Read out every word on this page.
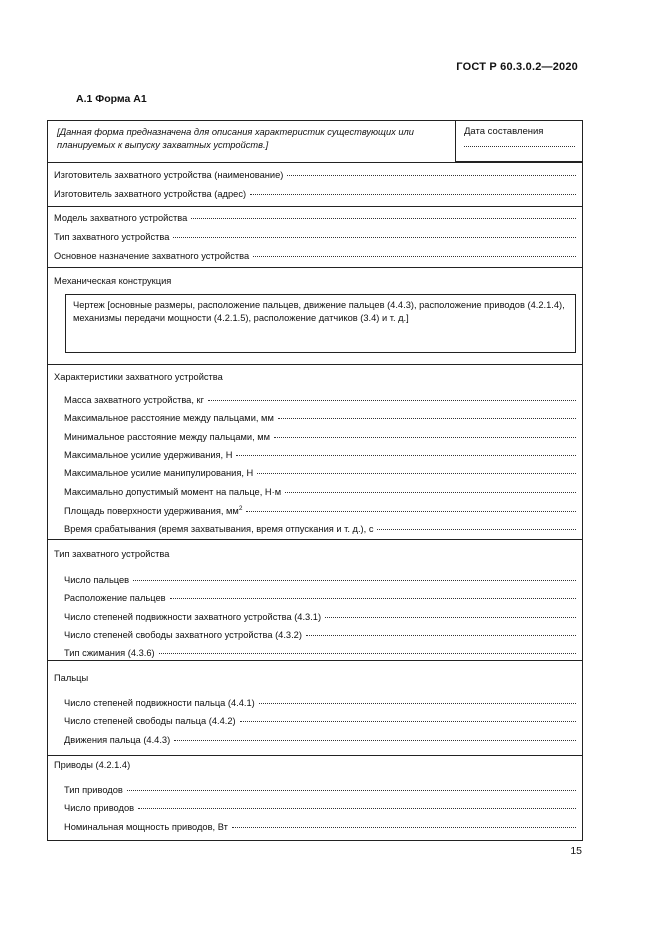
ГОСТ Р 60.3.0.2—2020
А.1 Форма А1
[Данная форма предназначена для описания характеристик существующих или планируемых к выпуску захватных устройств.]
Дата составления
Изготовитель захватного устройства (наименование)
Изготовитель захватного устройства (адрес)
Модель захватного устройства
Тип захватного устройства
Основное назначение захватного устройства
Механическая конструкция
Чертеж [основные размеры, расположение пальцев, движение пальцев (4.4.3), расположение приводов (4.2.1.4), механизмы передачи мощности (4.2.1.5), расположение датчиков (3.4) и т. д.]
Характеристики захватного устройства
Масса захватного устройства, кг
Максимальное расстояние между пальцами, мм
Минимальное расстояние между пальцами, мм
Максимальное усилие удерживания, Н
Максимальное усилие манипулирования, Н
Максимально допустимый момент на пальце, Н·м
Площадь поверхности удерживания, $мм^2$
Время срабатывания (время захватывания, время отпускания и т. д.), с
Тип захватного устройства
Число пальцев
Расположение пальцев
Число степеней подвижности захватного устройства (4.3.1)
Число степеней свободы захватного устройства (4.3.2)
Тип сжимания (4.3.6)
Пальцы
Число степеней подвижности пальца (4.4.1)
Число степеней свободы пальца (4.4.2)
Движения пальца (4.4.3)
Приводы (4.2.1.4)
Тип приводов
Число приводов
Номинальная мощность приводов, Вт
15
